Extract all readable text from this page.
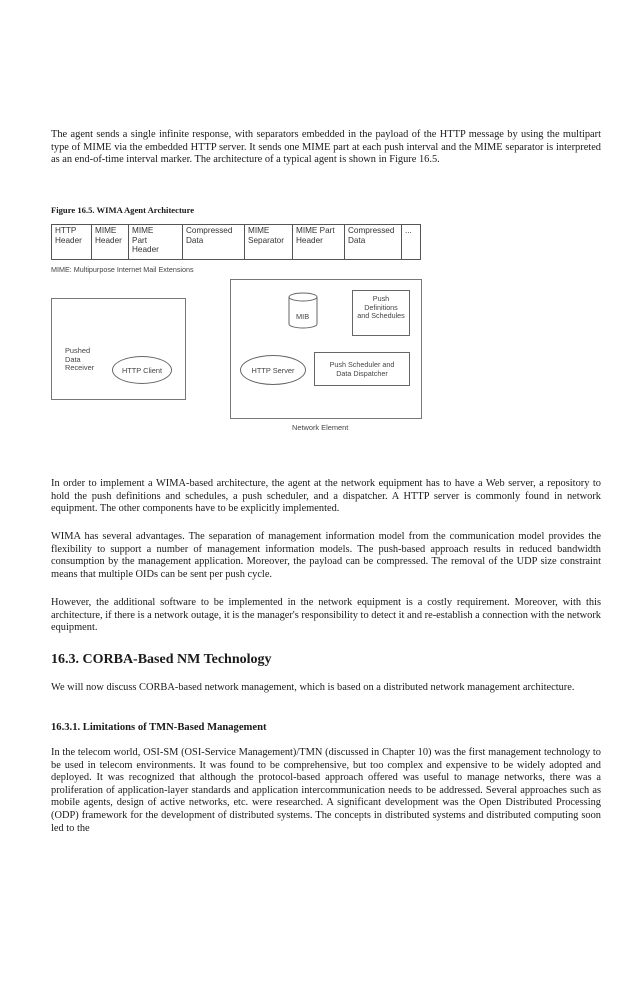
The agent sends a single infinite response, with separators embedded in the payload of the HTTP message by using the multipart type of MIME via the embedded HTTP server. It sends one MIME part at each push interval and the MIME separator is interpreted as an end-of-time interval marker. The architecture of a typical agent is shown in Figure 16.5.

Figure 16.5. WIMA Agent Architecture

HTTP
Header
MIME
Header
MIME
Part
Header
Compressed
Data
MIME
Separator
MIME Part
Header
Compressed
Data
...
MIME: Multipurpose Internet Mail Extensions
Pushed
Data
Receiver	HTTP Client
MIB
Push
Definitions
and Schedules
HTTP Server
Push Scheduler and
Data Dispatcher
Network Element

In order to implement a WIMA-based architecture, the agent at the network equipment has to have a Web server, a repository to hold the push definitions and schedules, a push scheduler, and a dispatcher. A HTTP server is commonly found in network equipment. The other components have to be explicitly implemented.

WIMA has several advantages. The separation of management information model from the communication model provides the flexibility to support a number of management information models. The push-based approach results in reduced bandwidth consumption by the management application. Moreover, the payload can be compressed. The removal of the UDP size constraint means that multiple OIDs can be sent per push cycle.

However, the additional software to be implemented in the network equipment is a costly requirement. Moreover, with this architecture, if there is a network outage, it is the manager's responsibility to detect it and re-establish a connection with the network equipment.

16.3. CORBA-Based NM Technology

We will now discuss CORBA-based network management, which is based on a distributed network management architecture.

16.3.1. Limitations of TMN-Based Management

In the telecom world, OSI-SM (OSI-Service Management)/TMN (discussed in Chapter 10) was the first management technology to be used in telecom environments. It was found to be comprehensive, but too complex and expensive to be widely adopted and deployed. It was recognized that although the protocol-based approach offered was useful to manage networks, there was a proliferation of application-layer standards and application intercommunication needs to be addressed. Several approaches such as mobile agents, design of active networks, etc. were researched. A significant development was the Open Distributed Processing (ODP) framework for the development of distributed systems. The concepts in distributed systems and distributed computing soon led to the
